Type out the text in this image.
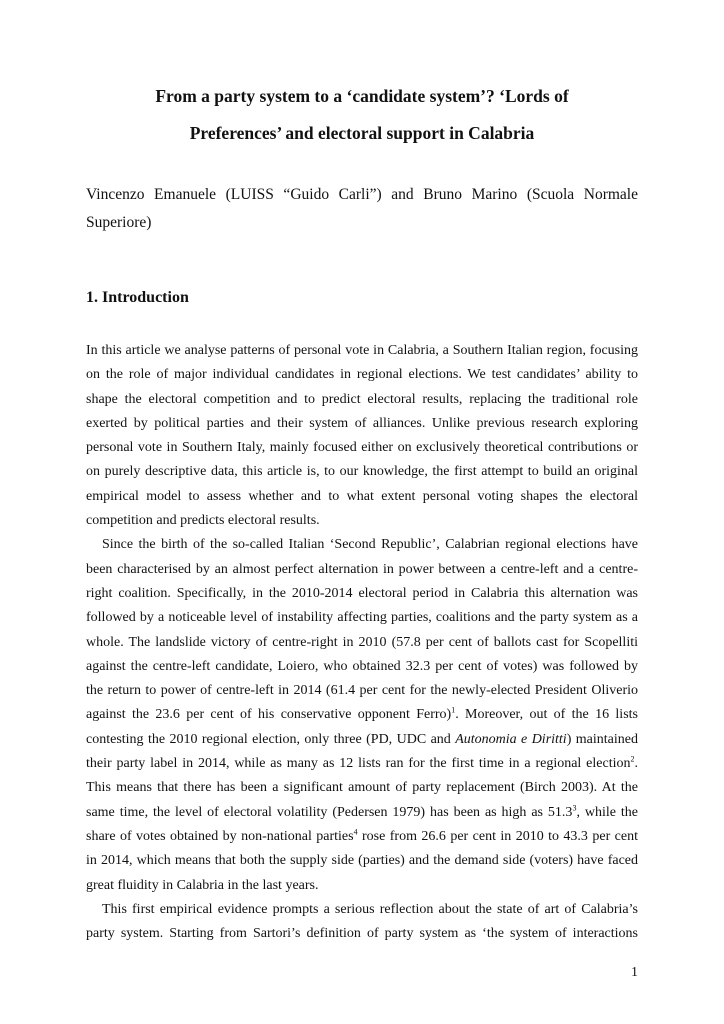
From a party system to a ‘candidate system’? ‘Lords of
Preferences’ and electoral support in Calabria
Vincenzo Emanuele (LUISS “Guido Carli”) and Bruno Marino (Scuola Normale
Superiore)
1. Introduction

In this article we analyse patterns of personal vote in Calabria, a Southern Italian region, focusing
on the role of major individual candidates in regional elections. We test candidates’ ability to
shape the electoral competition and to predict electoral results, replacing the traditional role
exerted by political parties and their system of alliances. Unlike previous research exploring
personal vote in Southern Italy, mainly focused either on exclusively theoretical contributions or
on purely descriptive data, this article is, to our knowledge, the first attempt to build an original
empirical model to assess whether and to what extent personal voting shapes the electoral
competition and predicts electoral results.

Since the birth of the so-called Italian ‘Second Republic’, Calabrian regional elections have
been characterised by an almost perfect alternation in power between a centre-left and a centre-
right coalition. Specifically, in the 2010-2014 electoral period in Calabria this alternation was
followed by a noticeable level of instability affecting parties, coalitions and the party system as a
whole. The landslide victory of centre-right in 2010 (57.8 per cent of ballots cast for Scopelliti
against the centre-left candidate, Loiero, who obtained 32.3 per cent of votes) was followed by
the return to power of centre-left in 2014 (61.4 per cent for the newly-elected President Oliverio
against the 23.6 per cent of his conservative opponent Ferro)$^1$. Moreover, out of the 16 lists
contesting the 2010 regional election, only three (PD, UDC and Autonomia e Diritti) maintained
their party label in 2014, while as many as 12 lists ran for the first time in a regional election$^2$.
This means that there has been a significant amount of party replacement (Birch 2003). At the
same time, the level of electoral volatility (Pedersen 1979) has been as high as 51.3$^3$, while the
share of votes obtained by non-national parties$^4$ rose from 26.6 per cent in 2010 to 43.3 per cent
in 2014, which means that both the supply side (parties) and the demand side (voters) have faced
great fluidity in Calabria in the last years.

This first empirical evidence prompts a serious reflection about the state of art of Calabria’s
party system. Starting from Sartori’s definition of party system as ‘the system of interactions

1
